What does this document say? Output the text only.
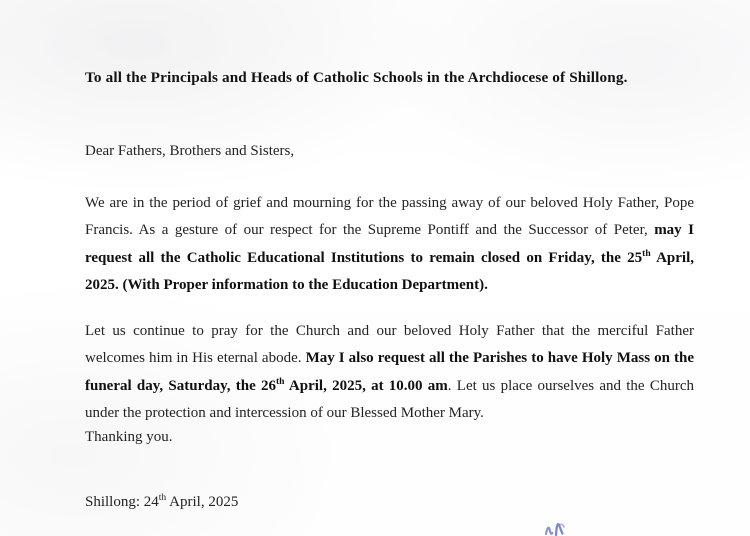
To all the Principals and Heads of Catholic Schools in the Archdiocese of Shillong.
Dear Fathers, Brothers and Sisters,

We are in the period of grief and mourning for the passing away of our beloved Holy Father, Pope Francis. As a gesture of our respect for the Supreme Pontiff and the Successor of Peter, may I request all the Catholic Educational Institutions to remain closed on Friday, the 25th April, 2025. (With Proper information to the Education Department).

Let us continue to pray for the Church and our beloved Holy Father that the merciful Father welcomes him in His eternal abode. May I also request all the Parishes to have Holy Mass on the funeral day, Saturday, the 26th April, 2025, at 10.00 am. Let us place ourselves and the Church under the protection and intercession of our Blessed Mother Mary.

Thanking you.
Shillong: 24th April, 2025
